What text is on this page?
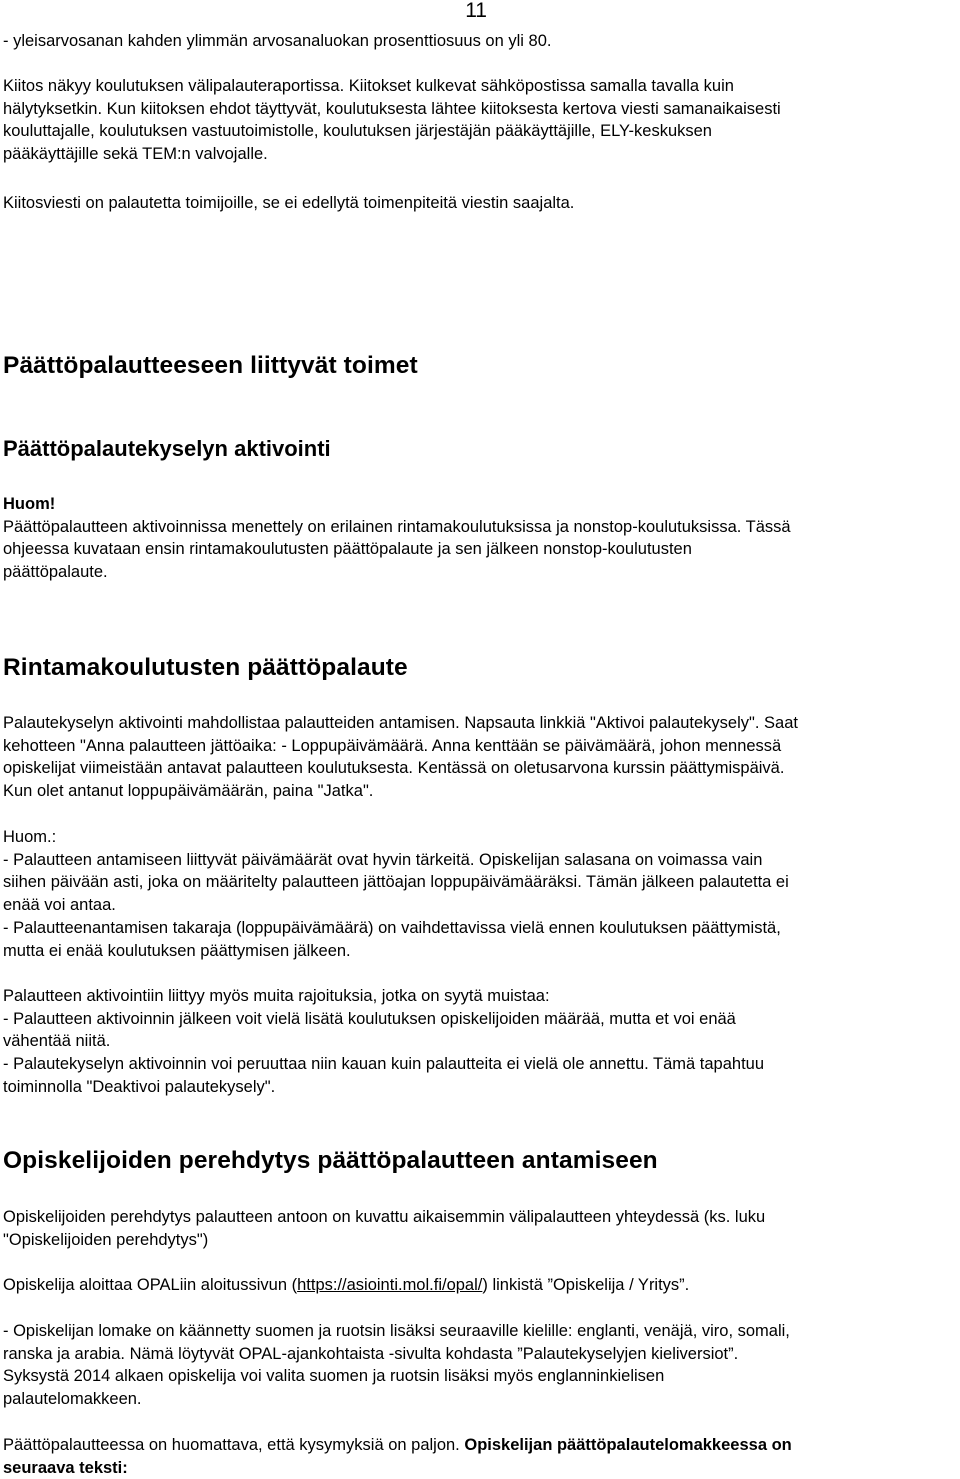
11

- yleisarvosanan kahden ylimmän arvosanaluokan prosenttiosuus on yli 80.

Kiitos näkyy koulutuksen välipalauteraportissa. Kiitokset kulkevat sähköpostissa samalla tavalla kuin
hälytyksetkin. Kun kiitoksen ehdot täyttyvät, koulutuksesta lähtee kiitoksesta kertova viesti samanaikaisesti
kouluttajalle, koulutuksen vastuutoimistolle, koulutuksen järjestäjän pääkäyttäjille, ELY-keskuksen
pääkäyttäjille sekä TEM:n valvojalle.

Kiitosviesti on palautetta toimijoille, se ei edellytä toimenpiteitä viestin saajalta.

Päättöpalautteeseen liittyvät toimet
Päättöpalautekyselyn aktivointi

Huom!
Päättöpalautteen aktivoinnissa menettely on erilainen rintamakoulutuksissa ja nonstop-koulutuksissa. Tässä
ohjeessa kuvataan ensin rintamakoulutusten päättöpalaute ja sen jälkeen nonstop-koulutusten
päättöpalaute.

Rintamakoulutusten päättöpalaute

Palautekyselyn aktivointi mahdollistaa palautteiden antamisen. Napsauta linkkiä "Aktivoi palautekysely". Saat
kehotteen "Anna palautteen jättöaika: - Loppupäivämäärä. Anna kenttään se päivämäärä, johon mennessä
opiskelijat viimeistään antavat palautteen koulutuksesta. Kentässä on oletusarvona kurssin päättymispäivä.
Kun olet antanut loppupäivämäärän, paina "Jatka".

Huom.:
- Palautteen antamiseen liittyvät päivämäärät ovat hyvin tärkeitä. Opiskelijan salasana on voimassa vain
siihen päivään asti, joka on määritelty palautteen jättöajan loppupäivämääräksi. Tämän jälkeen palautetta ei
enää voi antaa.
- Palautteenantamisen takaraja (loppupäivämäärä) on vaihdettavissa vielä ennen koulutuksen päättymistä,
mutta ei enää koulutuksen päättymisen jälkeen.

Palautteen aktivointiin liittyy myös muita rajoituksia, jotka on syytä muistaa:
- Palautteen aktivoinnin jälkeen voit vielä lisätä koulutuksen opiskelijoiden määrää, mutta et voi enää
vähentää niitä.
- Palautekyselyn aktivoinnin voi peruuttaa niin kauan kuin palautteita ei vielä ole annettu. Tämä tapahtuu
toiminnolla "Deaktivoi palautekysely".

Opiskelijoiden perehdytys päättöpalautteen antamiseen

Opiskelijoiden perehdytys palautteen antoon on kuvattu aikaisemmin välipalautteen yhteydessä (ks. luku
"Opiskelijoiden perehdytys")

Opiskelija aloittaa OPALiin aloitussivun (https://asiointi.mol.fi/opal/) linkistä ”Opiskelija / Yritys”.

- Opiskelijan lomake on käännetty suomen ja ruotsin lisäksi seuraaville kielille: englanti, venäjä, viro, somali,
ranska ja arabia. Nämä löytyvät OPAL-ajankohtaista -sivulta kohdasta ”Palautekyselyjen kieliversiot”.
Syksystä 2014 alkaen opiskelija voi valita suomen ja ruotsin lisäksi myös englanninkielisen
palautelomakkeen.

Päättöpalautteessa on huomattava, että kysymyksiä on paljon. Opiskelijan päättöpalautelomakkeessa on
seuraava teksti:
